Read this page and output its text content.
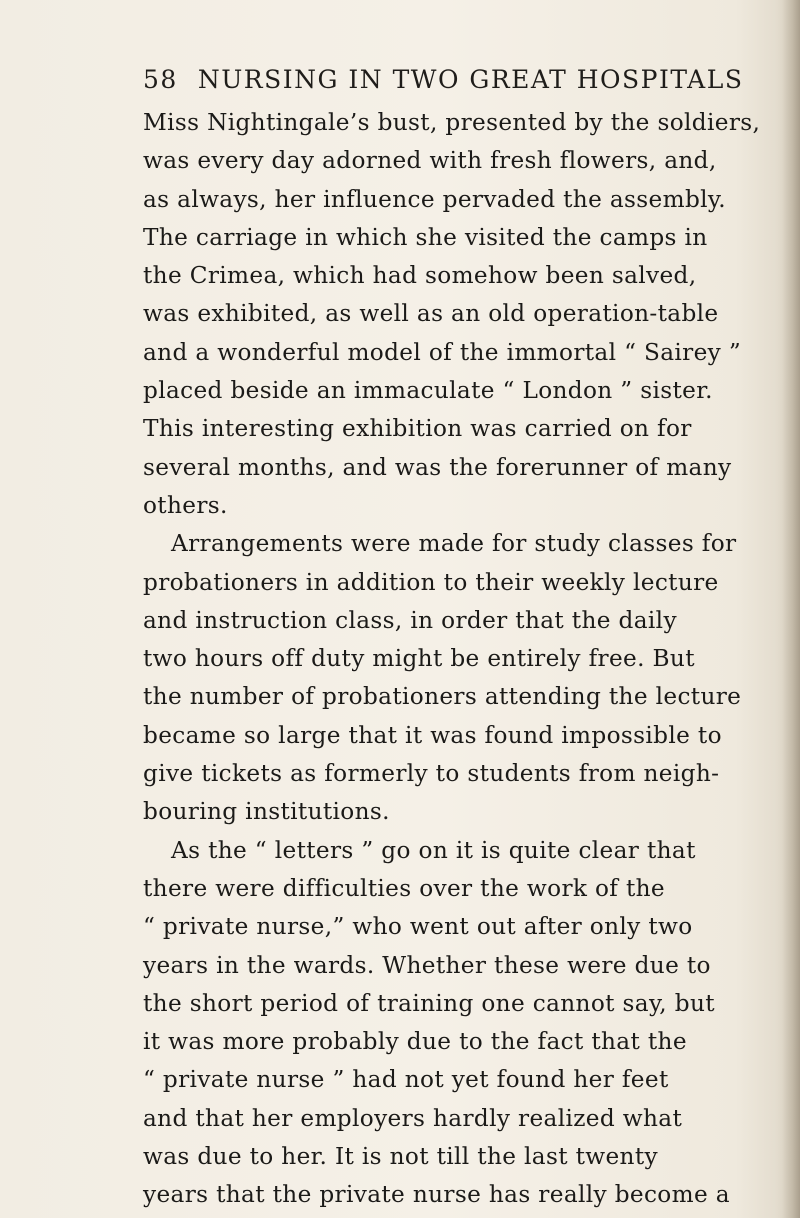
58 NURSING IN TWO GREAT HOSPITALS
Miss Nightingale’s bust, presented by the soldiers,
was every day adorned with fresh flowers, and,
as always, her influence pervaded the assembly.
The carriage in which she visited the camps in
the Crimea, which had somehow been salved,
was exhibited, as well as an old operation-table
and a wonderful model of the immortal “ Sairey ”
placed beside an immaculate “ London ” sister.
This interesting exhibition was carried on for
several months, and was the forerunner of many
others.
Arrangements were made for study classes for
probationers in addition to their weekly lecture
and instruction class, in order that the daily
two hours off duty might be entirely free. But
the number of probationers attending the lecture
became so large that it was found impossible to
give tickets as formerly to students from neigh-
bouring institutions.
As the “ letters ” go on it is quite clear that
there were difficulties over the work of the
“ private nurse,” who went out after only two
years in the wards. Whether these were due to
the short period of training one cannot say, but
it was more probably due to the fact that the
“ private nurse ” had not yet found her feet
and that her employers hardly realized what
was due to her. It is not till the last twenty
years that the private nurse has really become a
